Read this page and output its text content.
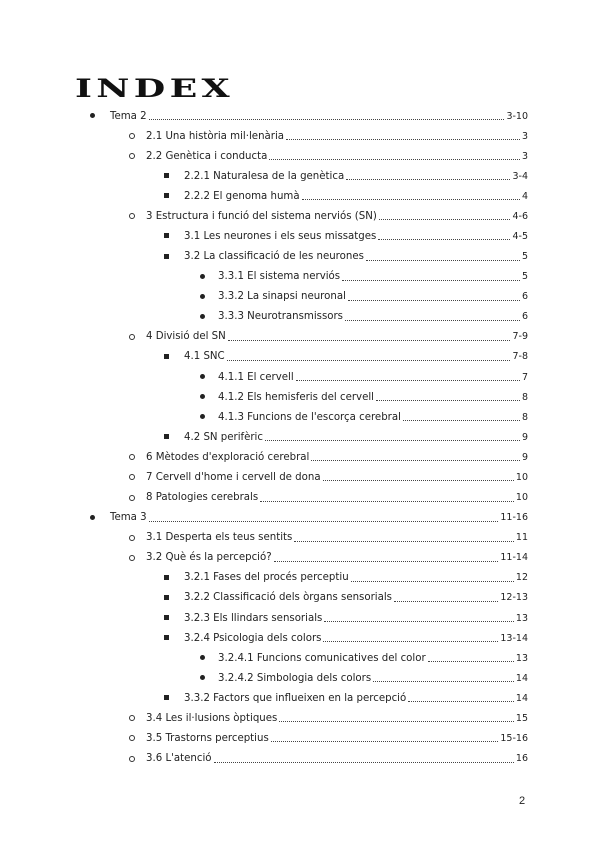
INDEX
Tema 2	3-10
2.1 Una història mil·lenària	3
2.2 Genètica i conducta	3
2.2.1 Naturalesa de la genètica	3-4
2.2.2 El genoma humà	4
3 Estructura i funció del sistema nerviós (SN)	4-6
3.1 Les neurones i els seus missatges	4-5
3.2 La classificació de les neurones	5
3.3.1 El sistema nerviós	5
3.3.2 La sinapsi neuronal	6
3.3.3 Neurotransmissors	6
4 Divisió del SN	7-9
4.1 SNC	7-8
4.1.1 El cervell	7
4.1.2 Els hemisferis del cervell	8
4.1.3 Funcions de l'escorça cerebral	8
4.2 SN perifèric	9
6 Mètodes d'exploració cerebral	9
7 Cervell d'home i cervell de dona	10
8 Patologies cerebrals	10
Tema 3	11-16
3.1 Desperta els teus sentits	11
3.2 Què és la percepció?	11-14
3.2.1 Fases del procés perceptiu	12
3.2.2 Classificació dels òrgans sensorials	12-13
3.2.3 Els llindars sensorials	13
3.2.4 Psicologia dels colors	13-14
3.2.4.1 Funcions comunicatives del color	13
3.2.4.2 Simbologia dels colors	14
3.3.2 Factors que influeixen en la percepció	14
3.4 Les il·lusions òptiques	15
3.5 Trastorns perceptius	15-16
3.6 L'atenció	16
2
